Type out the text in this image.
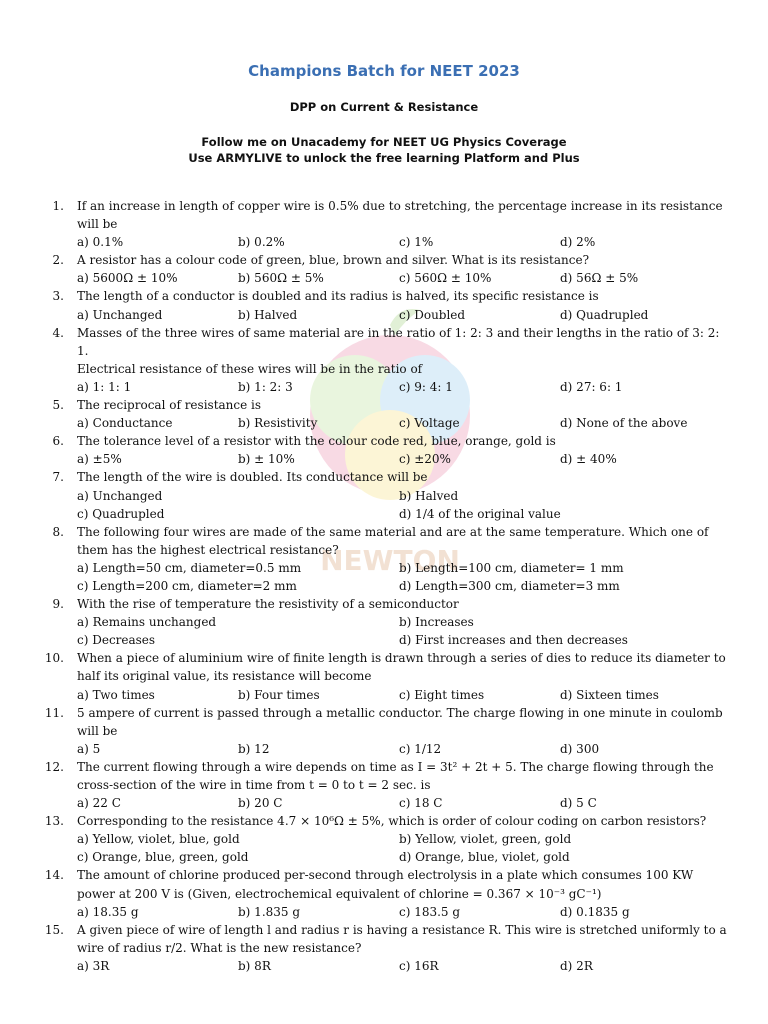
Champions Batch for NEET 2023
DPP on Current & Resistance
Follow me on Unacademy for NEET UG Physics Coverage
Use ARMYLIVE to unlock the free learning Platform and Plus
NEWTON
1. If an increase in length of copper wire is 0.5% due to stretching, the percentage increase in its resistance
will be
a) 0.1%	b) 0.2%	c) 1%	d) 2%
2. A resistor has a colour code of green, blue, brown and silver. What is its resistance?
a) 5600Ω ± 10%	b) 560Ω ± 5%	c) 560Ω ± 10%	d) 56Ω ± 5%
3. The length of a conductor is doubled and its radius is halved, its specific resistance is
a) Unchanged	b) Halved	c) Doubled	d) Quadrupled
4. Masses of the three wires of same material are in the ratio of 1: 2: 3 and their lengths in the ratio of 3: 2: 1.
Electrical resistance of these wires will be in the ratio of
a) 1: 1: 1	b) 1: 2: 3	c) 9: 4: 1	d) 27: 6: 1
5. The reciprocal of resistance is
a) Conductance	b) Resistivity	c) Voltage	d) None of the above
6. The tolerance level of a resistor with the colour code red, blue, orange, gold is
a) ±5%	b) ± 10%	c) ±20%	d) ± 40%
7. The length of the wire is doubled. Its conductance will be
a) Unchanged	b) Halved
c) Quadrupled	d) 1/4 of the original value
8. The following four wires are made of the same material and are at the same temperature. Which one of
them has the highest electrical resistance?
a) Length=50 cm, diameter=0.5 mm	b) Length=100 cm, diameter= 1 mm
c) Length=200 cm, diameter=2 mm	d) Length=300 cm, diameter=3 mm
9. With the rise of temperature the resistivity of a semiconductor
a) Remains unchanged	b) Increases
c) Decreases	d) First increases and then decreases
10. When a piece of aluminium wire of finite length is drawn through a series of dies to reduce its diameter to
half its original value, its resistance will become
a) Two times	b) Four times	c) Eight times	d) Sixteen times
11. 5 ampere of current is passed through a metallic conductor. The charge flowing in one minute in coulomb
will be
a) 5	b) 12	c) 1/12	d) 300
12. The current flowing through a wire depends on time as I = 3t² + 2t + 5. The charge flowing through the
cross-section of the wire in time from t = 0 to t = 2 sec. is
a) 22 C	b) 20 C	c) 18 C	d) 5 C
13. Corresponding to the resistance 4.7 × 10⁶Ω ± 5%, which is order of colour coding on carbon resistors?
a) Yellow, violet, blue, gold	b) Yellow, violet, green, gold
c) Orange, blue, green, gold	d) Orange, blue, violet, gold
14. The amount of chlorine produced per-second through electrolysis in a plate which consumes 100 KW
power at 200 V is (Given, electrochemical equivalent of chlorine = 0.367 × 10⁻³ gC⁻¹)
a) 18.35 g	b) 1.835 g	c) 183.5 g	d) 0.1835 g
15. A given piece of wire of length l and radius r is having a resistance R. This wire is stretched uniformly to a
wire of radius r/2. What is the new resistance?
a) 3R	b) 8R	c) 16R	d) 2R
